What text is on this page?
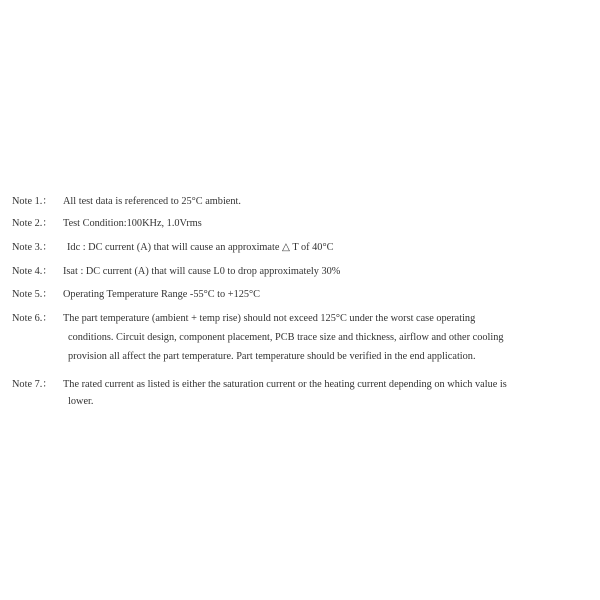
Note 1.： All test data is referenced to 25°C ambient.
Note 2.： Test Condition:100KHz, 1.0Vrms
Note 3.： Idc : DC current (A) that will cause an approximate △ T of 40°C
Note 4.： Isat : DC current (A) that will cause L0 to drop approximately 30%
Note 5.： Operating Temperature Range -55°C to +125°C
Note 6.： The part temperature (ambient + temp rise) should not exceed 125°C under the worst case operating
conditions. Circuit design, component placement, PCB trace size and thickness, airflow and other cooling
provision all affect the part temperature. Part temperature should be verified in the end application.
Note 7.： The rated current as listed is either the saturation current or the heating current depending on which value is
lower.
